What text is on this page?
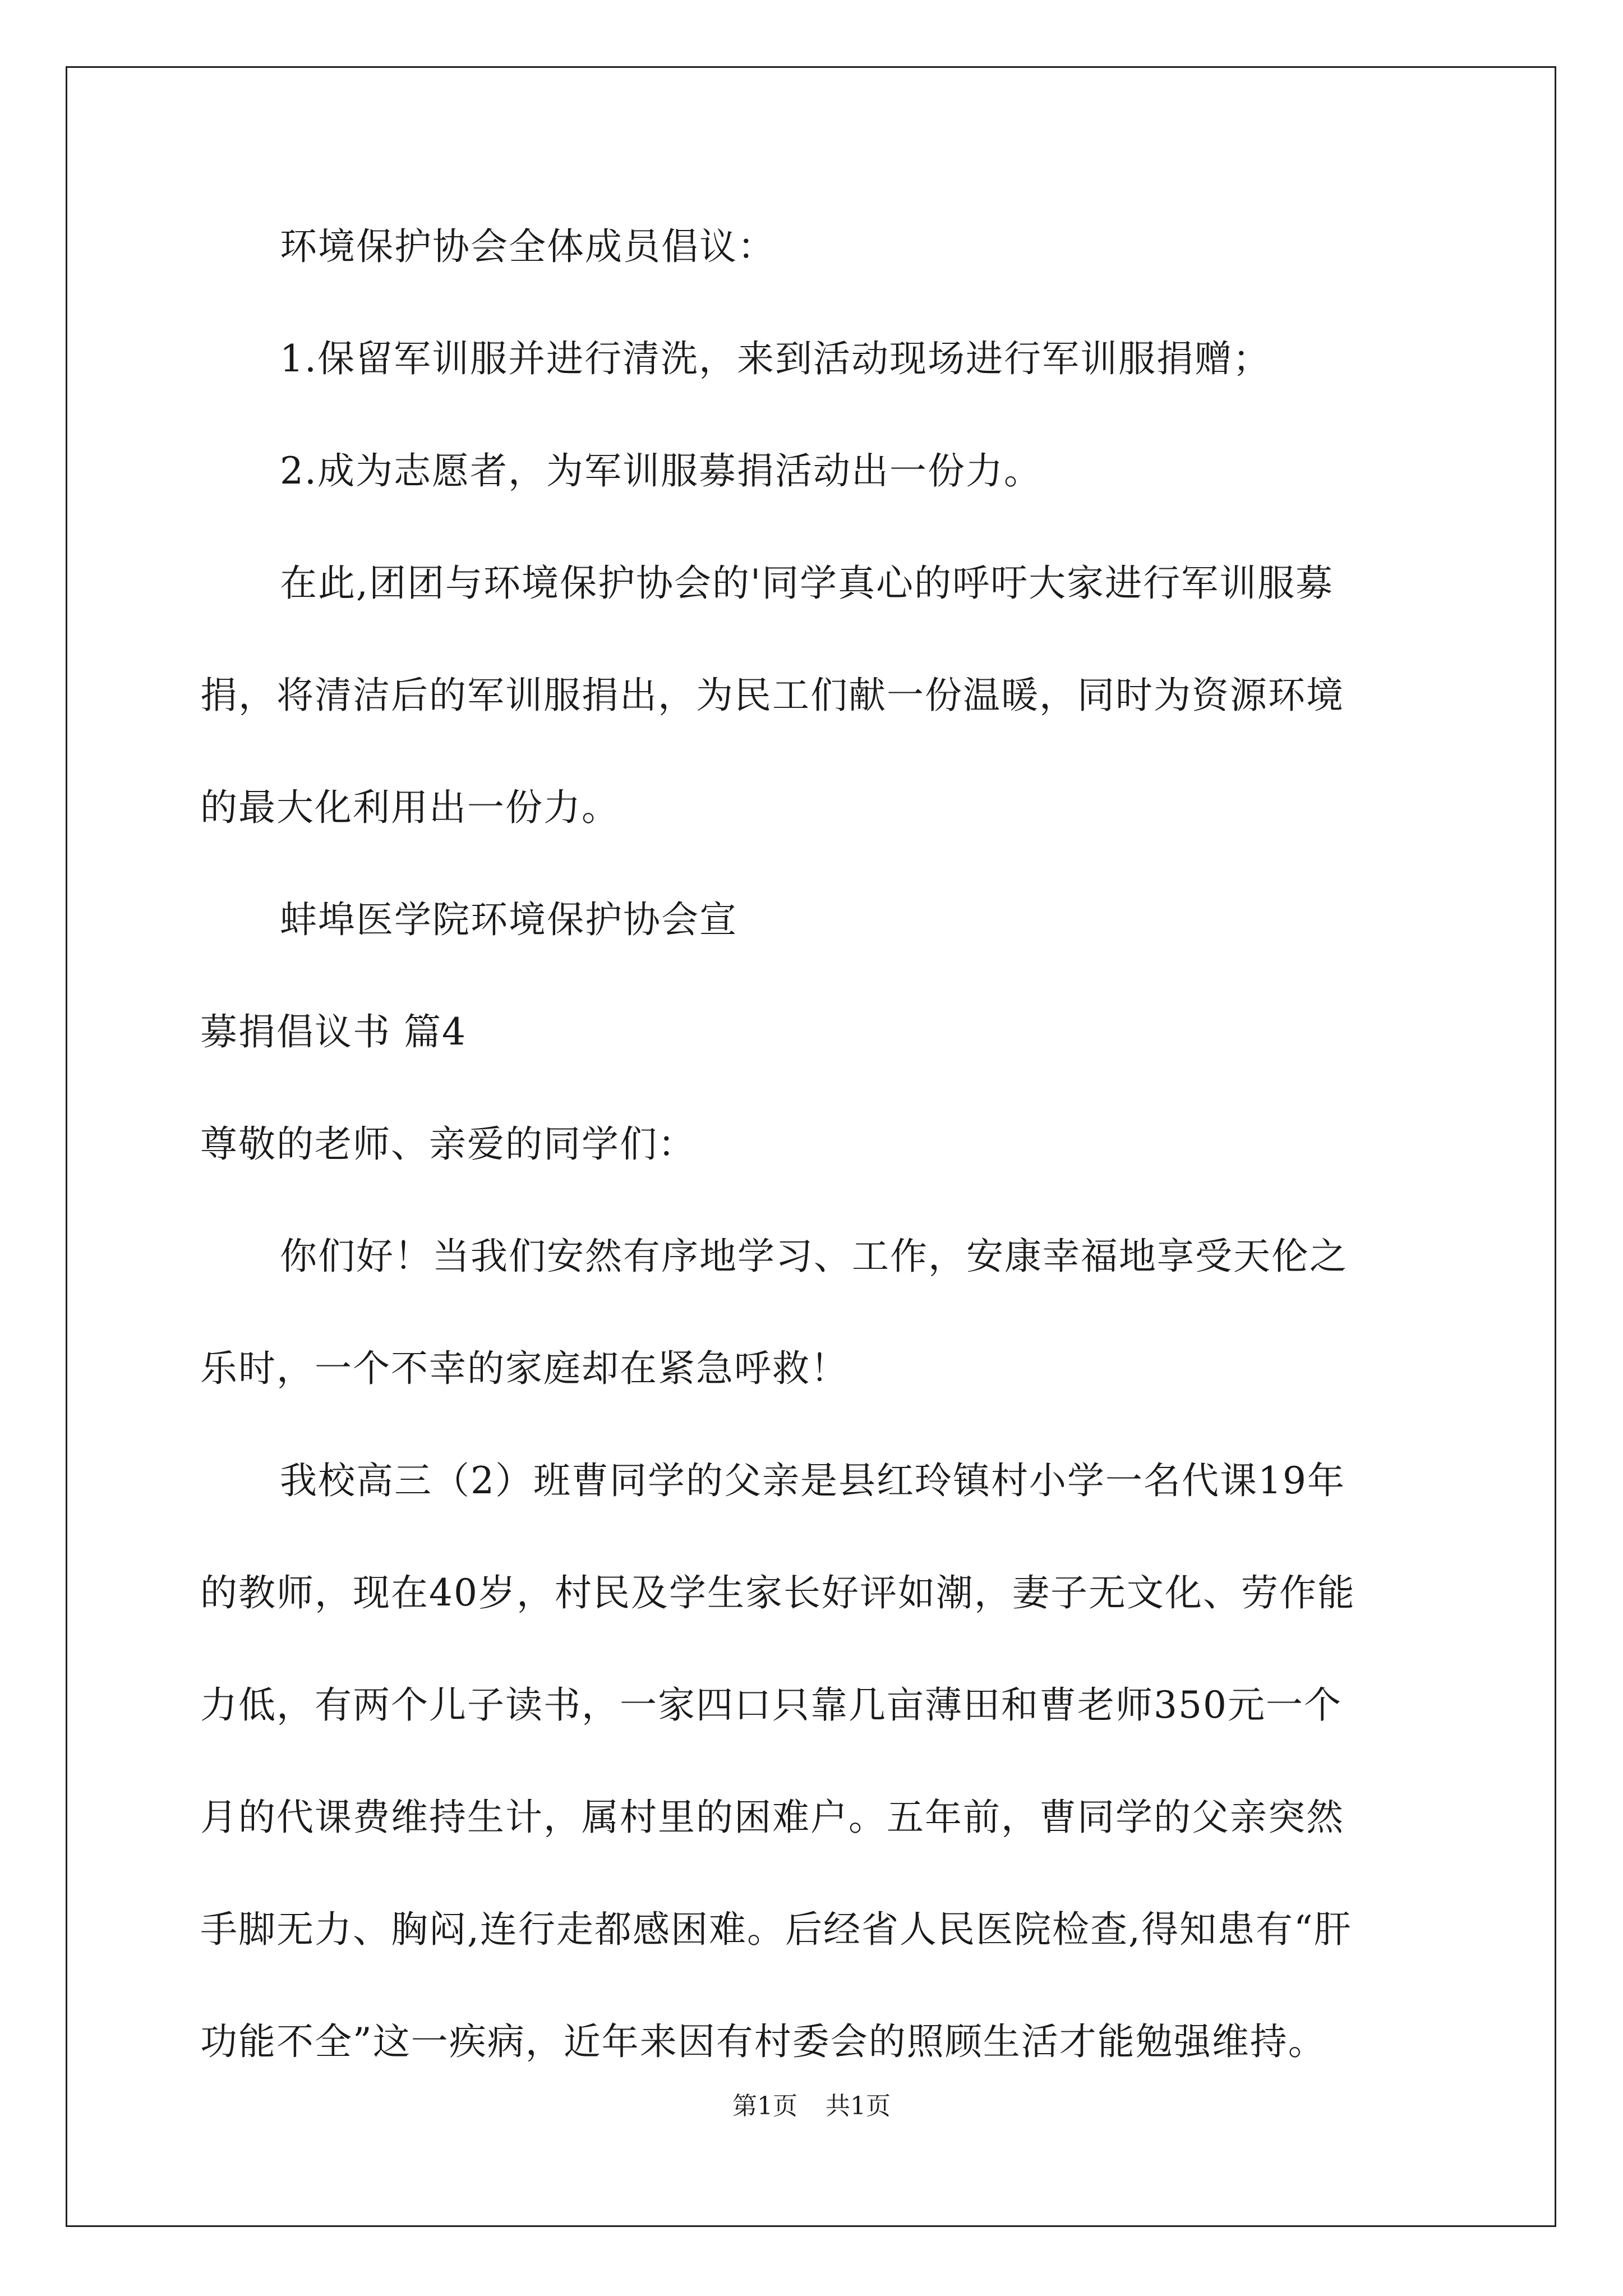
环境保护协会全体成员倡议：
1.保留军训服并进行清洗，来到活动现场进行军训服捐赠；
2.成为志愿者，为军训服募捐活动出一份力。
在此,团团与环境保护协会的'同学真心的呼吁大家进行军训服募
捐，将清洁后的军训服捐出，为民工们献一份温暖，同时为资源环境
的最大化利用出一份力。
蚌埠医学院环境保护协会宣
募捐倡议书 篇4
尊敬的老师、亲爱的同学们：
你们好！当我们安然有序地学习、工作，安康幸福地享受天伦之
乐时，一个不幸的家庭却在紧急呼救！
我校高三（2）班曹同学的父亲是县红玲镇村小学一名代课19年
的教师，现在40岁，村民及学生家长好评如潮，妻子无文化、劳作能
力低，有两个儿子读书，一家四口只靠几亩薄田和曹老师350元一个
月的代课费维持生计，属村里的困难户。五年前，曹同学的父亲突然
手脚无力、胸闷,连行走都感困难。后经省人民医院检查,得知患有“肝
功能不全”这一疾病，近年来因有村委会的照顾生活才能勉强维持。
第1页 共1页
